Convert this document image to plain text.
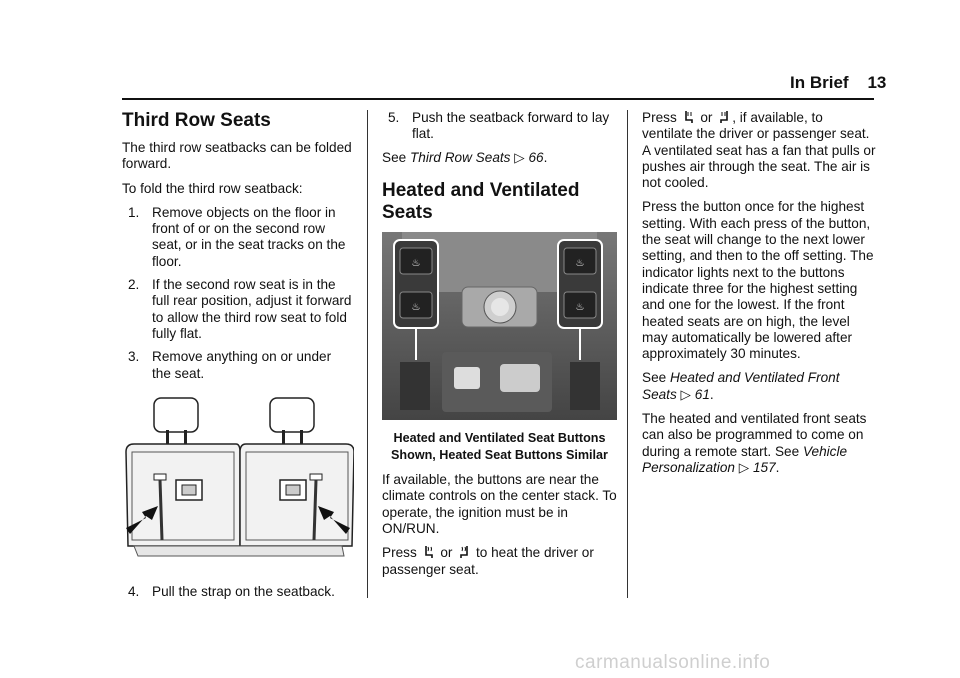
In Brief 13
Third Row Seats

The third row seatbacks can be folded forward.

To fold the third row seatback:

1. Remove objects on the floor in front of or on the second row seat, or in the seat tracks on the floor.
2. If the second row seat is in the full rear position, adjust it forward to allow the third row seat to fold fully flat.
3. Remove anything on or under the seat.
4. Pull the strap on the seatback.
5. Push the seatback forward to lay flat.

See Third Row Seats ▷ 66.

Heated and Ventilated Seats
♨
♨
♨
♨
Heated and Ventilated Seat Buttons Shown, Heated Seat Buttons Similar

If available, the buttons are near the climate controls on the center stack. To operate, the ignition must be in ON/RUN.

Press or to heat the driver or passenger seat.

Press or , if available, to ventilate the driver or passenger seat. A ventilated seat has a fan that pulls or pushes air through the seat. The air is not cooled.

Press the button once for the highest setting. With each press of the button, the seat will change to the next lower setting, and then to the off setting. The indicator lights next to the buttons indicate three for the highest setting and one for the lowest. If the front heated seats are on high, the level may automatically be lowered after approximately 30 minutes.

See Heated and Ventilated Front Seats ▷ 61.

The heated and ventilated front seats can also be programmed to come on during a remote start. See Vehicle Personalization ▷ 157.

carmanualsonline.info
